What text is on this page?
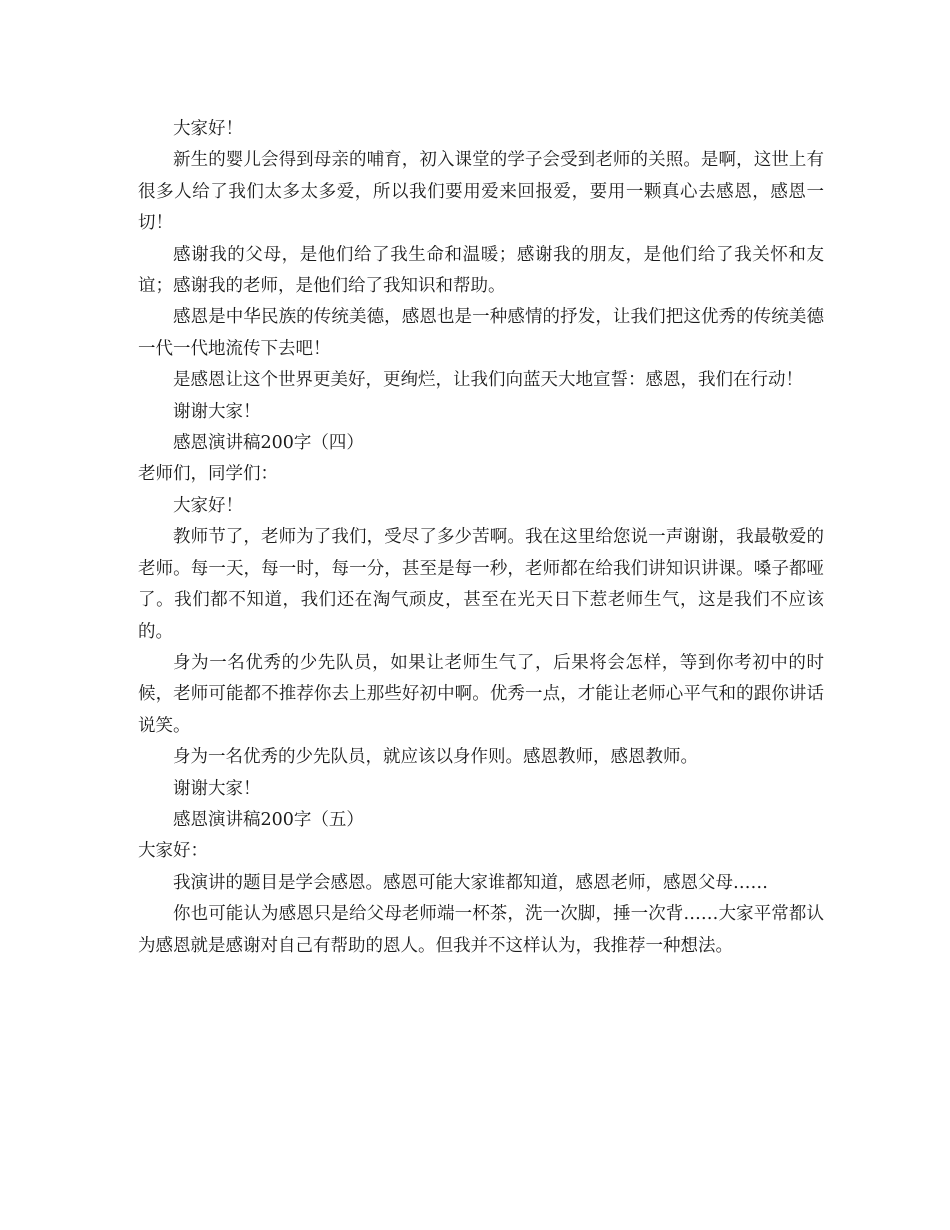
大家好！

新生的婴儿会得到母亲的哺育，初入课堂的学子会受到老师的关照。是啊，这世上有很多人给了我们太多太多爱，所以我们要用爱来回报爱，要用一颗真心去感恩，感恩一切！

感谢我的父母，是他们给了我生命和温暖；感谢我的朋友，是他们给了我关怀和友谊；感谢我的老师，是他们给了我知识和帮助。

感恩是中华民族的传统美德，感恩也是一种感情的抒发，让我们把这优秀的传统美德一代一代地流传下去吧！

是感恩让这个世界更美好，更绚烂，让我们向蓝天大地宣誓：感恩，我们在行动！

谢谢大家！

感恩演讲稿200字（四）

老师们，同学们：

大家好！

教师节了，老师为了我们，受尽了多少苦啊。我在这里给您说一声谢谢，我最敬爱的老师。每一天，每一时，每一分，甚至是每一秒，老师都在给我们讲知识讲课。嗓子都哑了。我们都不知道，我们还在淘气顽皮，甚至在光天日下惹老师生气，这是我们不应该的。

身为一名优秀的少先队员，如果让老师生气了，后果将会怎样，等到你考初中的时候，老师可能都不推荐你去上那些好初中啊。优秀一点，才能让老师心平气和的跟你讲话说笑。

身为一名优秀的少先队员，就应该以身作则。感恩教师，感恩教师。

谢谢大家！

感恩演讲稿200字（五）

大家好：

我演讲的题目是学会感恩。感恩可能大家谁都知道，感恩老师，感恩父母……

你也可能认为感恩只是给父母老师端一杯茶，洗一次脚，捶一次背……大家平常都认为感恩就是感谢对自己有帮助的恩人。但我并不这样认为，我推荐一种想法。
